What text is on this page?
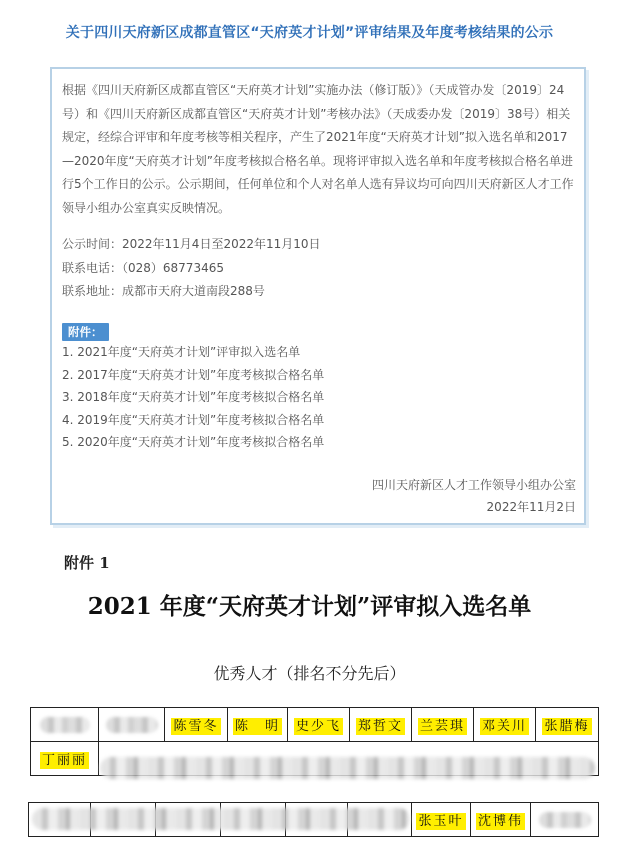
关于四川天府新区成都直管区“天府英才计划”评审结果及年度考核结果的公示

根据《四川天府新区成都直管区“天府英才计划”实施办法（修订版）》（天成管办发〔2019〕24号）和《四川天府新区成都直管区“天府英才计划”考核办法》（天成委办发〔2019〕38号）相关规定，经综合评审和年度考核等相关程序，产生了2021年度“天府英才计划”拟入选名单和2017—2020年度“天府英才计划”年度考核拟合格名单。现将评审拟入选名单和年度考核拟合格名单进行5个工作日的公示。公示期间，任何单位和个人对名单人选有异议均可向四川天府新区人才工作领导小组办公室真实反映情况。

公示时间：2022年11月4日至2022年11月10日
联系电话：（028）68773465
联系地址：成都市天府大道南段288号
附件：
1. 2021年度“天府英才计划”评审拟入选名单
2. 2017年度“天府英才计划”年度考核拟合格名单
3. 2018年度“天府英才计划”年度考核拟合格名单
4. 2019年度“天府英才计划”年度考核拟合格名单
5. 2020年度“天府英才计划”年度考核拟合格名单
四川天府新区人才工作领导小组办公室
2022年11月2日
附件 1
2021 年度“天府英才计划”评审拟入选名单
优秀人才（排名不分先后）
		陈雪冬	陈　明	史少飞	郑哲文	兰芸琪	邓关川	张腊梅
丁丽丽								
						张玉叶	沈博伟	
